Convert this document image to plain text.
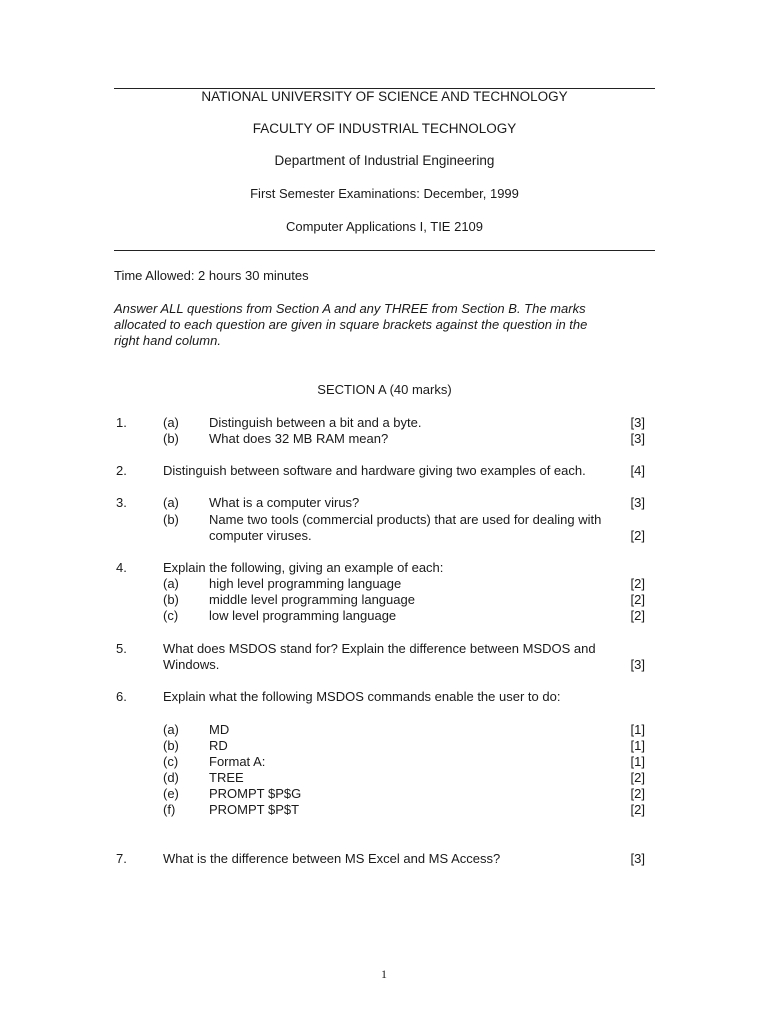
NATIONAL UNIVERSITY OF SCIENCE AND TECHNOLOGY
FACULTY OF INDUSTRIAL TECHNOLOGY
Department of Industrial Engineering
First Semester Examinations: December, 1999
Computer Applications I, TIE 2109
Time Allowed: 2 hours 30 minutes
Answer ALL questions from Section A and any THREE from Section B. The marks
allocated to each question are given in square brackets against the question in the
right hand column.
SECTION A (40 marks)
1.	(a) Distinguish between a bit and a byte.	[3]
(b) What does 32 MB RAM mean?	[3]
2.	Distinguish between software and hardware giving two examples of each.	[4]
3.	(a) What is a computer virus?	[3]
(b) Name two tools (commercial products) that are used for dealing with
computer viruses.	[2]
4.	Explain the following, giving an example of each:
(a) high level programming language	[2]
(b) middle level programming language	[2]
(c) low level programming language	[2]
5.	What does MSDOS stand for? Explain the difference between MSDOS and
Windows.	[3]
6.	Explain what the following MSDOS commands enable the user to do:
(a) MD	[1]
(b) RD	[1]
(c) Format A:	[1]
(d) TREE	[2]
(e) PROMPT $P$G	[2]
(f)	PROMPT $P$T	[2]
7.	What is the difference between MS Excel and MS Access?	[3]
1
